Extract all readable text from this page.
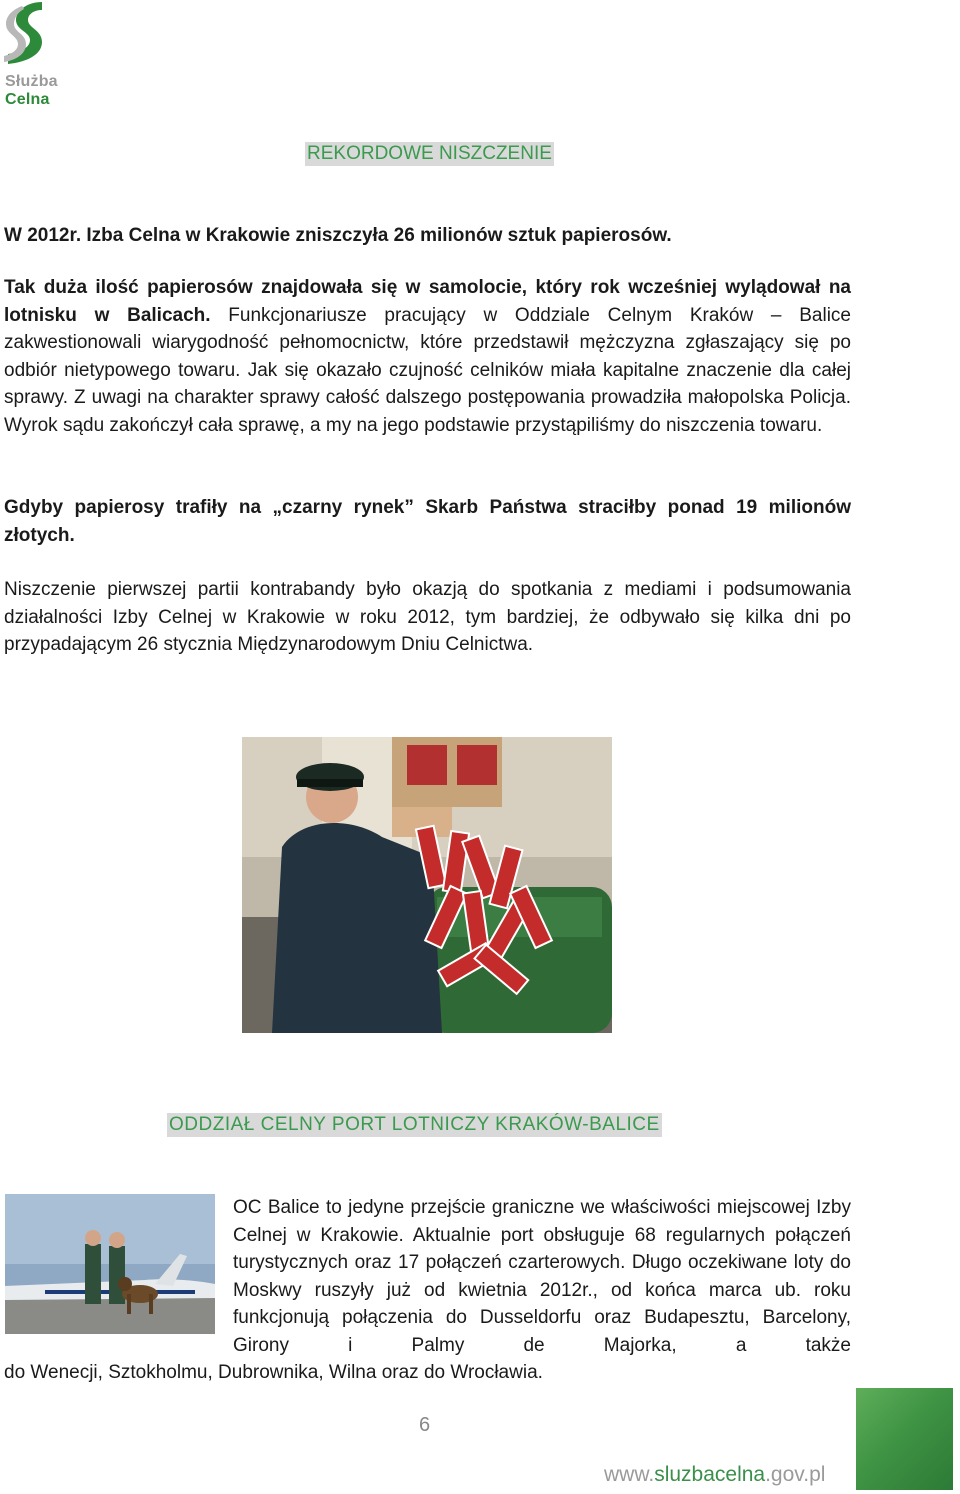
Służba
Celna
REKORDOWE NISZCZENIE

W 2012r. Izba Celna w Krakowie zniszczyła 26 milionów sztuk papierosów.

Tak duża ilość papierosów znajdowała się w samolocie, który rok wcześniej wylądował na lotnisku w Balicach. Funkcjonariusze pracujący w Oddziale Celnym Kraków – Balice zakwestionowali wiarygodność pełnomocnictw, które przedstawił mężczyzna zgłaszający się po odbiór nietypowego towaru. Jak się okazało czujność celników miała kapitalne znaczenie dla całej sprawy. Z uwagi na charakter sprawy całość dalszego postępowania prowadziła małopolska Policja. Wyrok sądu zakończył cała sprawę, a my na jego podstawie przystąpiliśmy do niszczenia towaru.

Gdyby papierosy trafiły na „czarny rynek” Skarb Państwa straciłby ponad 19 milionów złotych.

Niszczenie pierwszej partii kontrabandy było okazją do spotkania z mediami i podsumowania działalności Izby Celnej w Krakowie w roku 2012, tym bardziej, że odbywało się kilka dni po przypadającym 26 stycznia Międzynarodowym Dniu Celnictwa.

ODDZIAŁ CELNY PORT LOTNICZY KRAKÓW-BALICE
OC Balice to jedyne przejście graniczne we właściwości miejscowej Izby Celnej w Krakowie. Aktualnie port obsługuje 68 regularnych połączeń turystycznych oraz 17 połączeń czarterowych. Długo oczekiwane loty do Moskwy ruszyły już od kwietnia 2012r., od końca marca ub. roku funkcjonują połączenia do Dusseldorfu oraz Budapesztu, Barcelony, Girony i Palmy de Majorka, a także
do Wenecji, Sztokholmu, Dubrownika, Wilna oraz do Wrocławia.
6
www.sluzbacelna.gov.pl
